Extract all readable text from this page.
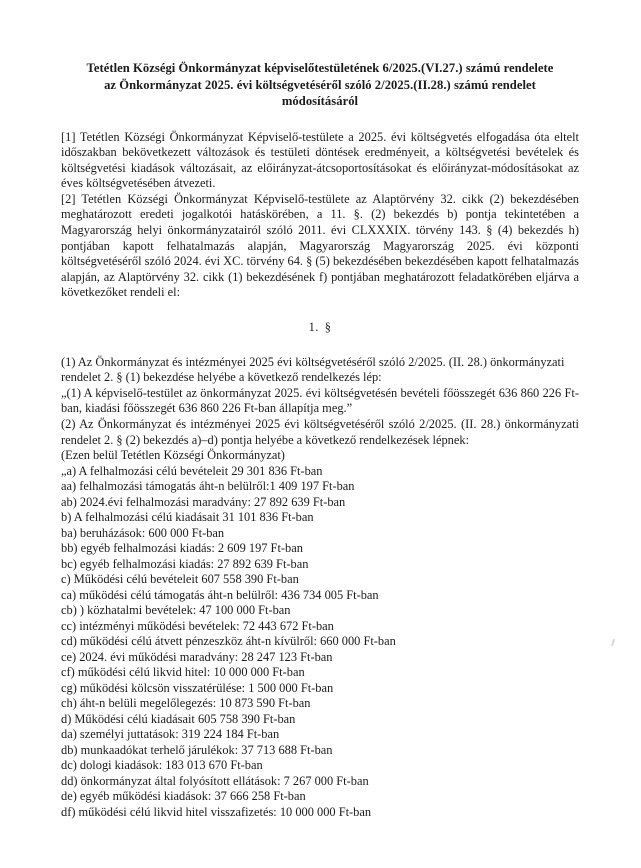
Tetétlen Községi Önkormányzat képviselőtestületének 6/2025.(VI.27.) számú rendelete
az Önkormányzat 2025. évi költségvetéséről szóló 2/2025.(II.28.) számú rendelet
módosításáról

[1] Tetétlen Községi Önkormányzat Képviselő-testülete a 2025. évi költségvetés elfogadása óta eltelt időszakban bekövetkezett változások és testületi döntések eredményeit, a költségvetési bevételek és költségvetési kiadások változásait, az előirányzat-átcsoportosításokat és előirányzat-módosításokat az éves költségvetésében átvezeti.

[2] Tetétlen Községi Önkormányzat Képviselő-testülete az Alaptörvény 32. cikk (2) bekezdésében meghatározott eredeti jogalkotói hatáskörében, a 11. §. (2) bekezdés b) pontja tekintetében a Magyarország helyi önkormányzatairól szóló 2011. évi CLXXXIX. törvény 143. § (4) bekezdés h) pontjában kapott felhatalmazás alapján, Magyarország Magyarország 2025. évi központi költségvetéséről szóló 2024. évi XC. törvény 64. § (5) bekezdésében bekezdésében kapott felhatalmazás alapján, az Alaptörvény 32. cikk (1) bekezdésének f) pontjában meghatározott feladatkörében eljárva a következőket rendeli el:

1. §

(1) Az Önkormányzat és intézményei 2025 évi költségvetéséről szóló 2/2025. (II. 28.) önkormányzati rendelet 2. § (1) bekezdése helyébe a következő rendelkezés lép:

„(1) A képviselő-testület az önkormányzat 2025. évi költségvetésén bevételi főösszegét 636 860 226 Ft-ban, kiadási főösszegét 636 860 226 Ft-ban állapítja meg.”

(2) Az Önkormányzat és intézményei 2025 évi költségvetéséről szóló 2/2025. (II. 28.) önkormányzati rendelet 2. § (2) bekezdés a)–d) pontja helyébe a következő rendelkezések lépnek:

(Ezen belül Tetétlen Községi Önkormányzat)

„a) A felhalmozási célú bevételeit 29 301 836 Ft-ban
aa) felhalmozási támogatás áht-n belülről:1 409 197 Ft-ban
ab) 2024.évi felhalmozási maradvány: 27 892 639 Ft-ban
b) A felhalmozási célú kiadásait 31 101 836 Ft-ban
ba) beruházások: 600 000 Ft-ban
bb) egyéb felhalmozási kiadás: 2 609 197 Ft-ban
bc) egyéb felhalmozási kiadás: 27 892 639 Ft-ban
c) Működési célú bevételeit 607 558 390 Ft-ban
ca) működési célú támogatás áht-n belülről: 436 734 005 Ft-ban
cb) ) közhatalmi bevételek: 47 100 000 Ft-ban
cc) intézményi működési bevételek: 72 443 672 Ft-ban
cd) működési célú átvett pénzeszköz áht-n kívülről: 660 000 Ft-ban
ce) 2024. évi működési maradvány: 28 247 123 Ft-ban
cf) működési célú likvid hitel: 10 000 000 Ft-ban
cg) működési kölcsön visszatérülése: 1 500 000 Ft-ban
ch) áht-n belüli megelőlegezés: 10 873 590 Ft-ban
d) Működési célú kiadásait 605 758 390 Ft-ban
da) személyi juttatások: 319 224 184 Ft-ban
db) munkaadókat terhelő járulékok: 37 713 688 Ft-ban
dc) dologi kiadások: 183 013 670 Ft-ban
dd) önkormányzat által folyósított ellátások: 7 267 000 Ft-ban
de) egyéb működési kiadások: 37 666 258 Ft-ban
df) működési célú likvid hitel visszafizetés: 10 000 000 Ft-ban
